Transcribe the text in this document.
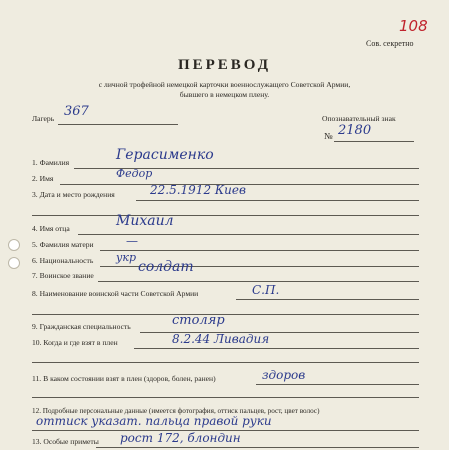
108
Сов. секретно
ПЕРЕВОД
с личной трофейной немецкой карточки военнослужащего Советской Армии,
бывшего в немецком плену.
Лагерь 367	Опознавательный знак
№ 2180
1. Фамилия	Герасименко
2. Имя	Федор
3. Дата и место рождения	22.5.1912 Киев
4. Имя отца	Михаил
5. Фамилия матери	—
6. Национальность укр
7. Воинское звание
солдат
8. Наименование воинской части Советской Армии	С.П.
9. Гражданская специальность	столяр
10. Когда и где взят в плен	8.2.44 Ливадия
11. В каком состоянии взят в плен (здоров, болен, ранен)	здоров
12. Подробные персональные данные (имеется фотография, оттиск пальцев, рост, цвет волос)
оттиск указат. пальца правой руки
13. Особые приметы рост 172, блондин
